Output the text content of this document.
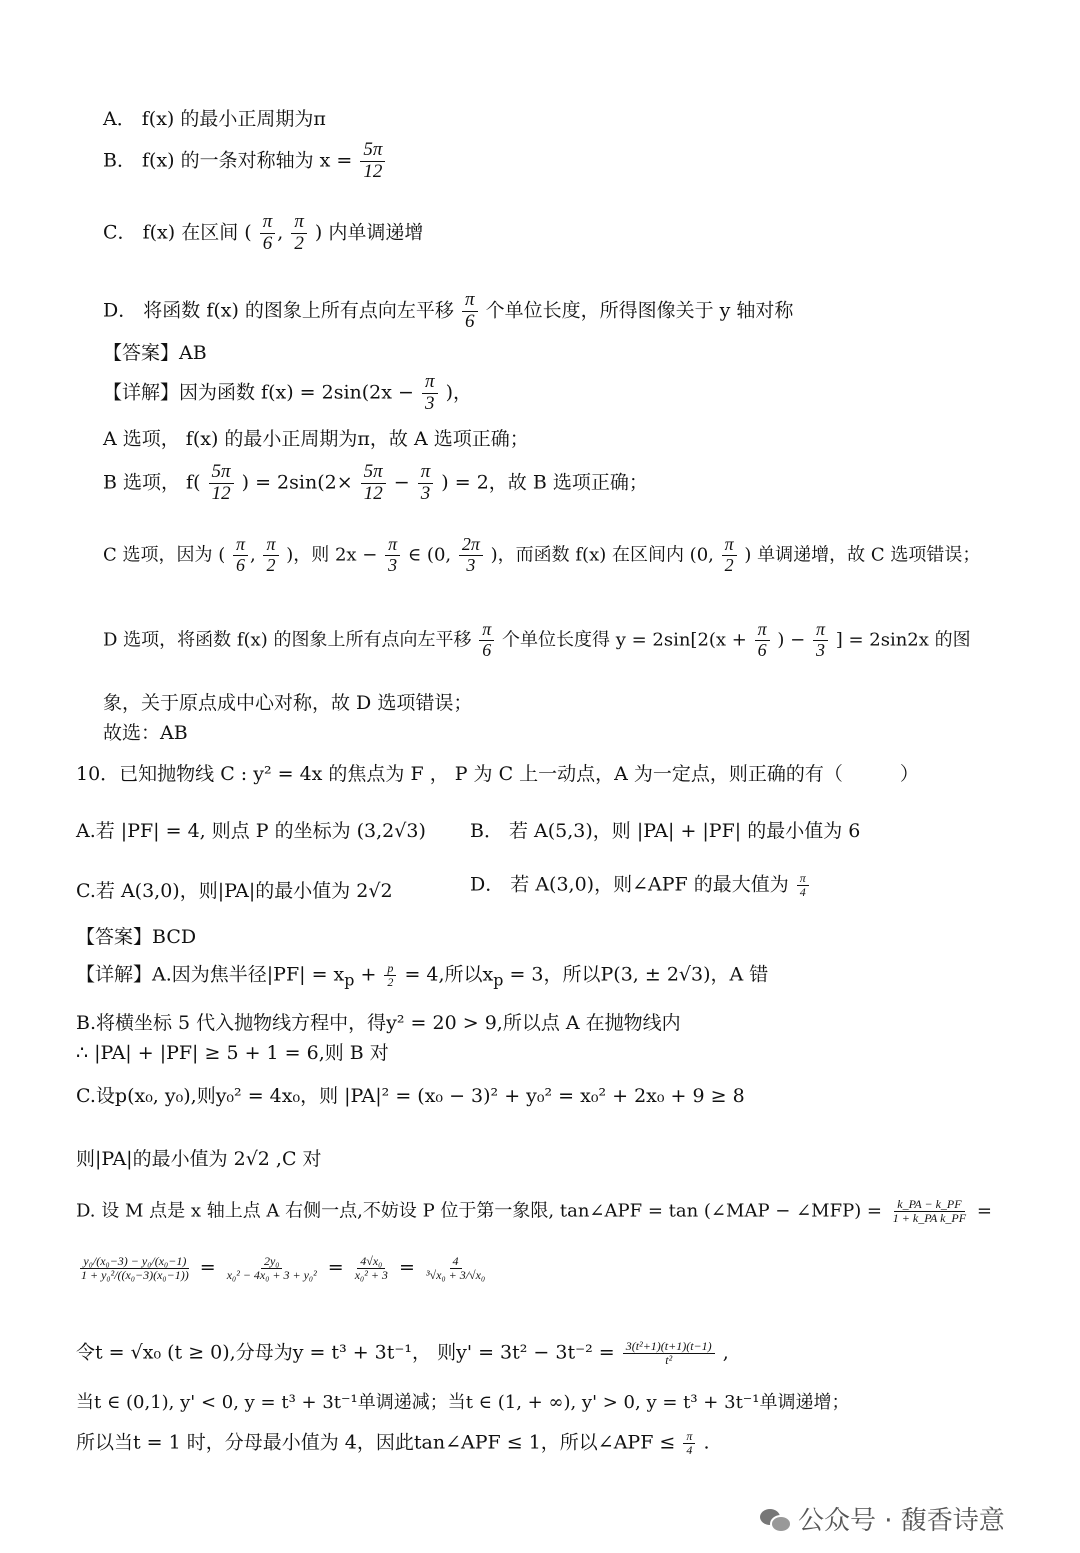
A． f(x) 的最小正周期为π
B． f(x) 的一条对称轴为 $x = \frac{5\pi}{12}$
C． f(x) 在区间 ( $\frac{\pi}{6}$ , $\frac{\pi}{2}$ ) 内单调递增
D． 将函数 f(x) 的图象上所有点向左平移 $\frac{\pi}{6}$ 个单位长度，所得图像关于 y 轴对称
【答案】AB
【详解】因为函数 $f(x) = 2\sin(2x - \frac{\pi}{3}$ )，
A 选项， f(x) 的最小正周期为π，故 A 选项正确；
B 选项， $f( \frac{5\pi}{12}$ ) = $2\sin(2\times \frac{5\pi}{12} - \frac{\pi}{3}$ ) = 2，故 B 选项正确；
C 选项，因为 ( $\frac{\pi}{6}$ , $\frac{\pi}{2}$ )，则 $2x - \frac{\pi}{3}$ ∈ (0, $\frac{2\pi}{3}$ )，而函数 f(x) 在区间内 (0, $\frac{\pi}{2}$ ) 单调递增，故 C 选项错误；
D 选项，将函数 f(x) 的图象上所有点向左平移 $\frac{\pi}{6}$ 个单位长度得 $y = 2\sin[2(x + \frac{\pi}{6}$ ) − $\frac{\pi}{3}$ ] = 2sin2x 的图
象，关于原点成中心对称，故 D 选项错误；
故选：AB
10．已知抛物线 C : y² = 4x 的焦点为 F ， P 为 C 上一动点，A 为一定点，则正确的有（　　　）
A.若 |PF| = 4, 则点 P 的坐标为 (3,2√3) B． 若 A(5,3)，则 |PA| + |PF| 的最小值为 6
C.若 A(3,0)，则|PA|的最小值为 2√2	D． 若 A(3,0)，则∠APF 的最大值为 $\frac{\pi}{4}$
【答案】BCD
【详解】A.因为焦半径$|PF| = x_p + \frac{p}{2} = 4$,所以$x_p = 3$，所以P(3, ± 2√3)，A 错
B.将横坐标 5 代入抛物线方程中，得y² = 20 > 9,所以点 A 在抛物线内
∴ |PA| + |PF| ≥ 5 + 1 = 6,则 B 对
C.设p(x₀, y₀),则y₀² = 4x₀，则 |PA|² = (x₀ − 3)² + y₀² = x₀² + 2x₀ + 9 ≥ 8
则|PA|的最小值为 2√2 ,C 对
D. 设 M 点是 x 轴上点 A 右侧一点,不妨设 P 位于第一象限, tan∠APF = tan (∠MAP − ∠MFP) = $\frac{k\_PA - k\_PF}{\text{1 + k\_PA k\_PF}}$ =
$\frac{\text{y₀/(x₀−3) − y₀/(x₀−1)}}{\text{1 + y₀²/((x₀−3)(x₀−1))}} = \frac{\text{2y₀}}{\text{x₀² − 4x₀ + 3 + y₀²}} = \frac{\text{4√x₀}}{\text{x₀² + 3}} = \frac{4}{\text{³√x₀ + 3/√x₀}}$
令t = √x₀ (t ≥ 0),分母为y = t³ + 3t⁻¹， 则$y' = 3t^2 - 3t^{-2} = \frac{\text{3(t²+1)(t+1)(t−1)}}{\text{t²}}$ ,
当t ∈ (0,1), y' < 0, y = t³ + 3t⁻¹单调递减；当t ∈ (1, + ∞), y' > 0, y = t³ + 3t⁻¹单调递增；
所以当t = 1 时，分母最小值为 4，因此tan∠APF ≤ 1，所以∠APF ≤ $\frac{\pi}{4}$ .
公众号 · 馥香诗意
